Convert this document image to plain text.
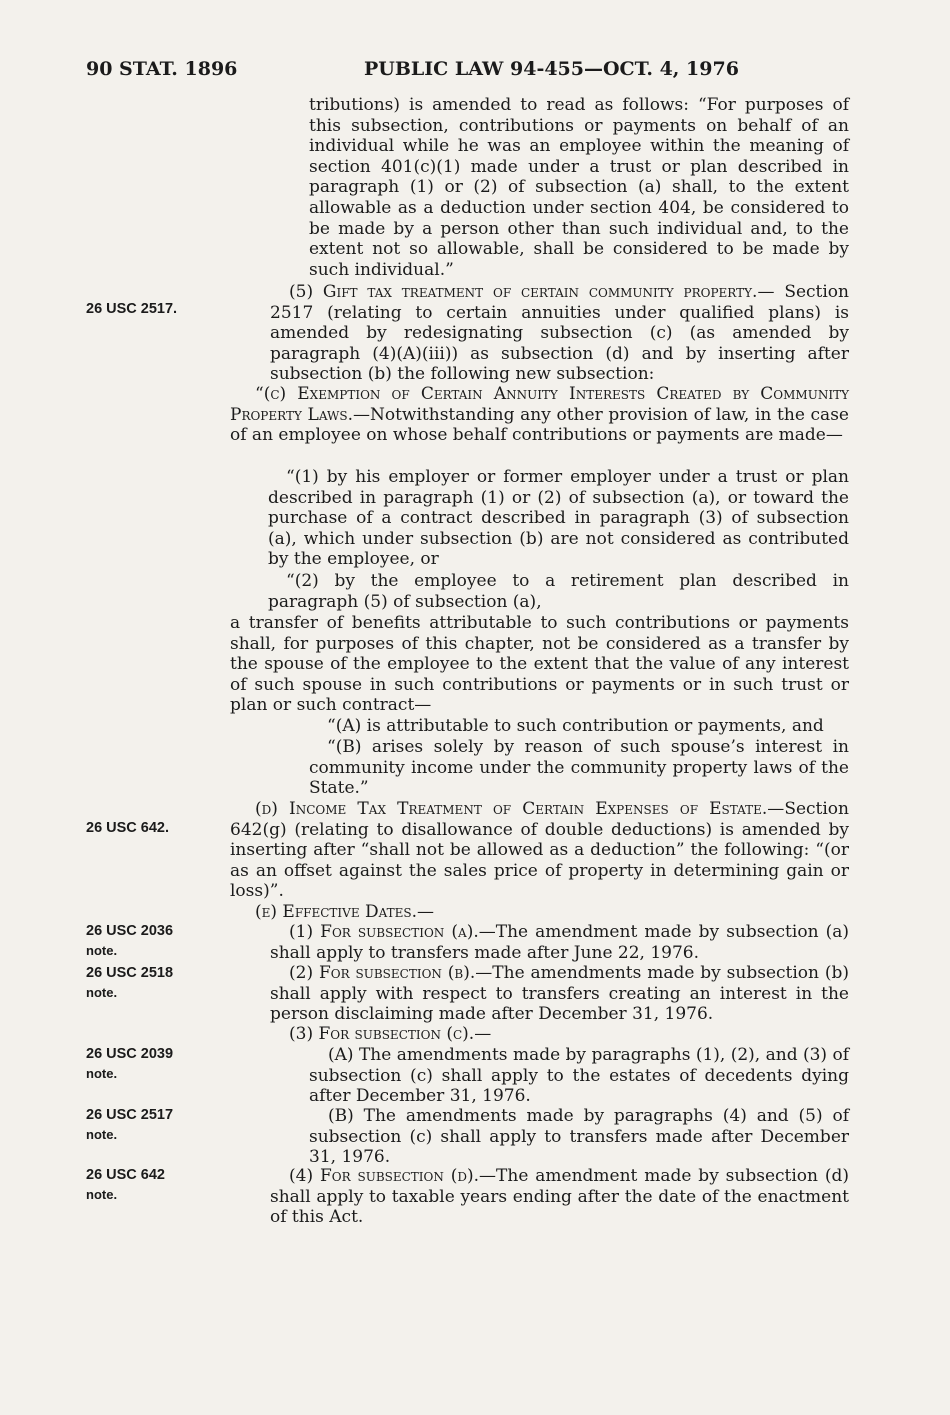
90 STAT. 1896	PUBLIC LAW 94-455—OCT. 4, 1976
26 USC 2517.
26 USC 642.
26 USC 2036
note.
26 USC 2518
note.
26 USC 2039
note.
26 USC 2517
note.
26 USC 642
note.

tributions) is amended to read as follows: “For purposes of this subsection, contributions or payments on behalf of an individual while he was an employee within the meaning of section 401(c)(1) made under a trust or plan described in paragraph (1) or (2) of subsection (a) shall, to the extent allowable as a deduction under section 404, be considered to be made by a person other than such individual and, to the extent not so allowable, shall be considered to be made by such individual.”

(5) Gift tax treatment of certain community property.— Section 2517 (relating to certain annuities under qualified plans) is amended by redesignating subsection (c) (as amended by paragraph (4)(A)(iii)) as subsection (d) and by inserting after subsection (b) the following new subsection:

“(c) Exemption of Certain Annuity Interests Created by Community Property Laws.—Notwithstanding any other provision of law, in the case of an employee on whose behalf contributions or payments are made—

“(1) by his employer or former employer under a trust or plan described in paragraph (1) or (2) of subsection (a), or toward the purchase of a contract described in paragraph (3) of subsection (a), which under subsection (b) are not considered as contributed by the employee, or

“(2) by the employee to a retirement plan described in paragraph (5) of subsection (a),

a transfer of benefits attributable to such contributions or payments shall, for purposes of this chapter, not be considered as a transfer by the spouse of the employee to the extent that the value of any interest of such spouse in such contributions or payments or in such trust or plan or such contract—

“(A) is attributable to such contribution or payments, and

“(B) arises solely by reason of such spouse’s interest in community income under the community property laws of the State.”

(d) Income Tax Treatment of Certain Expenses of Estate.—Section 642(g) (relating to disallowance of double deductions) is amended by inserting after “shall not be allowed as a deduction” the following: “(or as an offset against the sales price of property in determining gain or loss)”.

(e) Effective Dates.—

(1) For subsection (a).—The amendment made by subsection (a) shall apply to transfers made after June 22, 1976.

(2) For subsection (b).—The amendments made by subsection (b) shall apply with respect to transfers creating an interest in the person disclaiming made after December 31, 1976.

(3) For subsection (c).—

(A) The amendments made by paragraphs (1), (2), and (3) of subsection (c) shall apply to the estates of decedents dying after December 31, 1976.

(B) The amendments made by paragraphs (4) and (5) of subsection (c) shall apply to transfers made after December 31, 1976.

(4) For subsection (d).—The amendment made by subsection (d) shall apply to taxable years ending after the date of the enactment of this Act.
